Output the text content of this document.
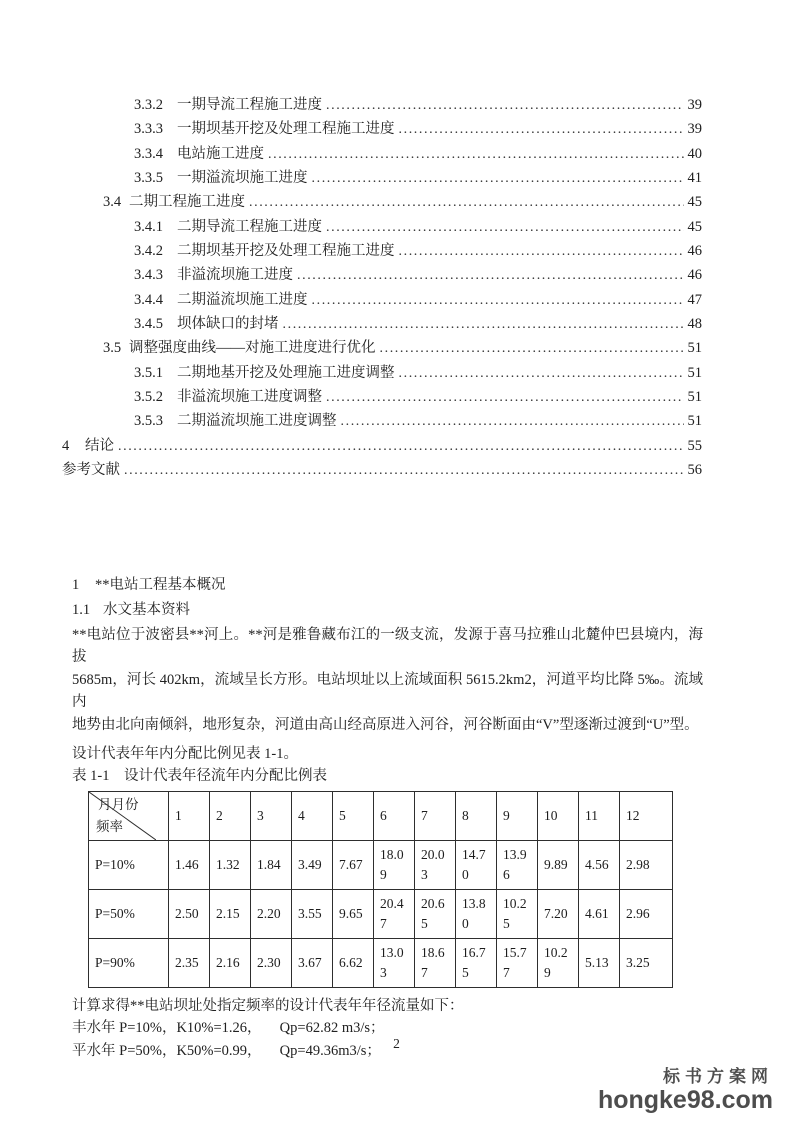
3.3.2 一期导流工程施工进度 .....	39
3.3.3 一期坝基开挖及处理工程施工进度 .....	39
3.3.4 电站施工进度 .....	40
3.3.5 一期溢流坝施工进度 .....	41
3.4 二期工程施工进度 .....	45
3.4.1 二期导流工程施工进度 .....	45
3.4.2 二期坝基开挖及处理工程施工进度 .....	46
3.4.3 非溢流坝施工进度 .....	46
3.4.4 二期溢流坝施工进度 .....	47
3.4.5 坝体缺口的封堵 .....	48
3.5 调整强度曲线——对施工进度进行优化 .....	51
3.5.1 二期地基开挖及处理施工进度调整 .....	51
3.5.2 非溢流坝施工进度调整 .....	51
3.5.3 二期溢流坝施工进度调整 .....	51
4	结论 .....	55
参考文献 .....	56
1	**电站工程基本概况
1.1 水文基本资料
**电站位于波密县**河上。**河是雅鲁藏布江的一级支流，发源于喜马拉雅山北麓仲巴县境内，海拔
5685m，河长 402km，流域呈长方形。电站坝址以上流域面积 5615.2km2，河道平均比降 5‰。流域内
地势由北向南倾斜，地形复杂，河道由高山经高原进入河谷，河谷断面由“V”型逐渐过渡到“U”型。
设计代表年年内分配比例见表 1-1。
表 1-1　设计代表年径流年内分配比例表
月月份
频率	1	2	3	4	5	6	7	8	9	10	11	12
P=10%	1.46	1.32	1.84	3.49	7.67	18.09	20.03	14.70	13.96	9.89	4.56	2.98
P=50%	2.50	2.15	2.20	3.55	9.65	20.47	20.65	13.80	10.25	7.20	4.61	2.96
P=90%	2.35	2.16	2.30	3.67	6.62	13.03	18.67	16.75	15.77	10.29	5.13	3.25
计算求得**电站坝址处指定频率的设计代表年年径流量如下：
丰水年 P=10%，K10%=1.26，     Qp=62.82 m3/s；
平水年 P=50%，K50%=0.99，     Qp=49.36m3/s； 2
标书方案网
hongke98.com
